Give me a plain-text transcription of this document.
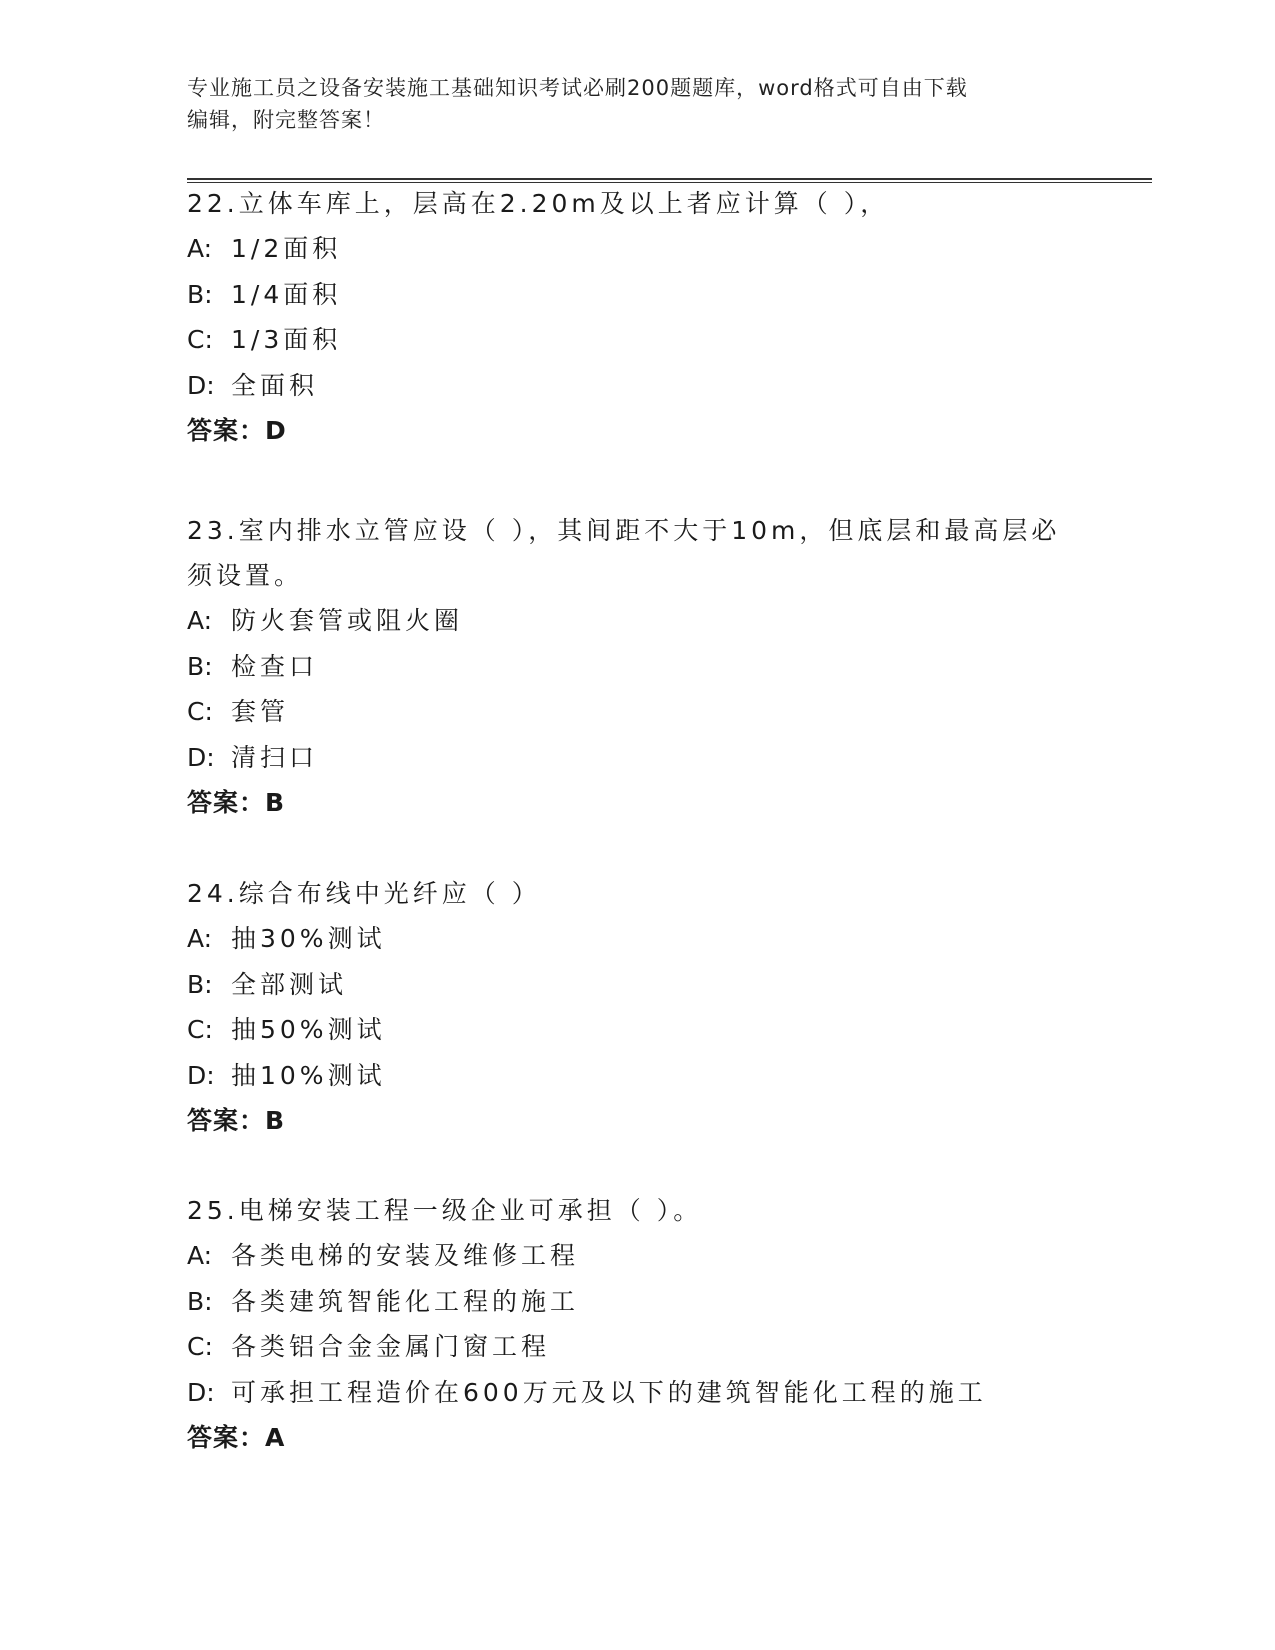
专业施工员之设备安装施工基础知识考试必刷200题题库，word格式可自由下载
编辑，附完整答案！

22.立体车库上，层高在2.20m及以上者应计算（ ），

A: 1/2面积

B: 1/4面积

C: 1/3面积

D: 全面积

答案：D

23.室内排水立管应设（ ），其间距不大于10m，但底层和最高层必须设置。

A: 防火套管或阻火圈

B: 检查口

C: 套管

D: 清扫口

答案：B

24.综合布线中光纤应（ ）

A: 抽30%测试

B: 全部测试

C: 抽50%测试

D: 抽10%测试

答案：B

25.电梯安装工程一级企业可承担（ ）。

A: 各类电梯的安装及维修工程

B: 各类建筑智能化工程的施工

C: 各类铝合金金属门窗工程

D: 可承担工程造价在600万元及以下的建筑智能化工程的施工

答案：A
